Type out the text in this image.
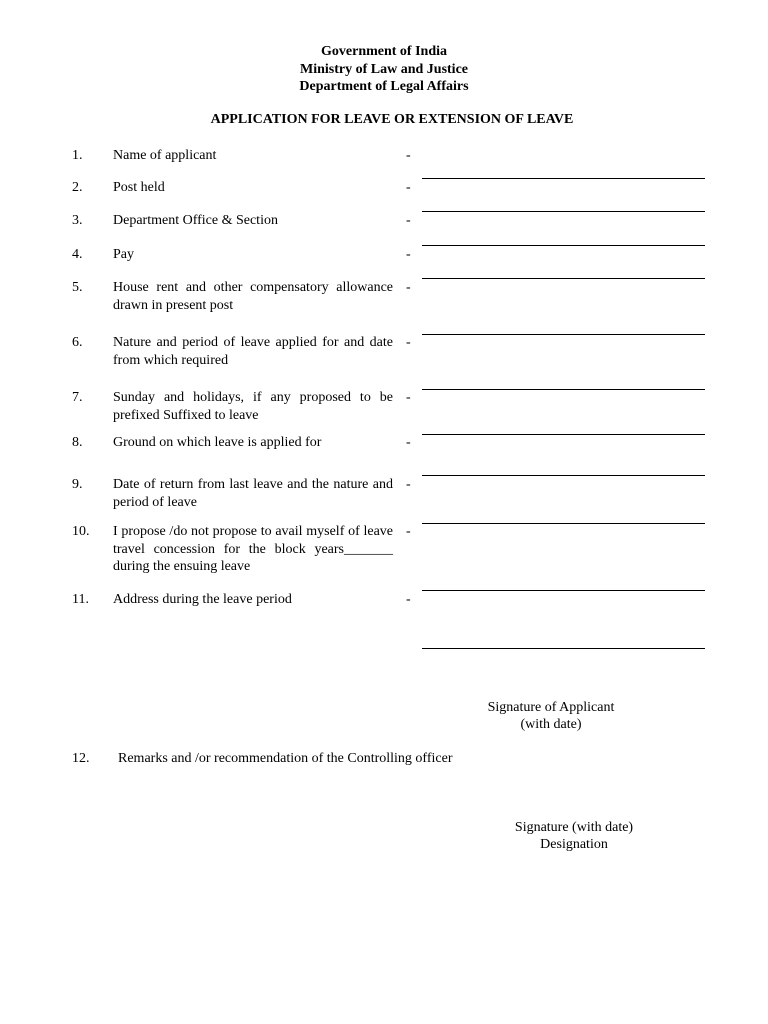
Government of India
Ministry of Law and Justice
Department of Legal Affairs
APPLICATION FOR LEAVE OR EXTENSION OF LEAVE
1. Name of applicant	-
2. Post held	-
3. Department Office & Section	-
4. Pay	-
5. House rent and other compensatory allowance drawn in present post
-
6. Nature and period of leave applied for and date from which required
-
7. Sunday and holidays, if any proposed to be prefixed Suffixed to leave
-
8. Ground on which leave is applied for	-
9. Date of return from last leave and the nature and period of leave
-
10. I propose /do not propose to avail myself of leave travel concession for the block years_______ during the ensuing leave
-
11. Address during the leave period	-
Signature of Applicant
(with date)
12. Remarks and /or recommendation of the Controlling officer
Signature (with date)
Designation
